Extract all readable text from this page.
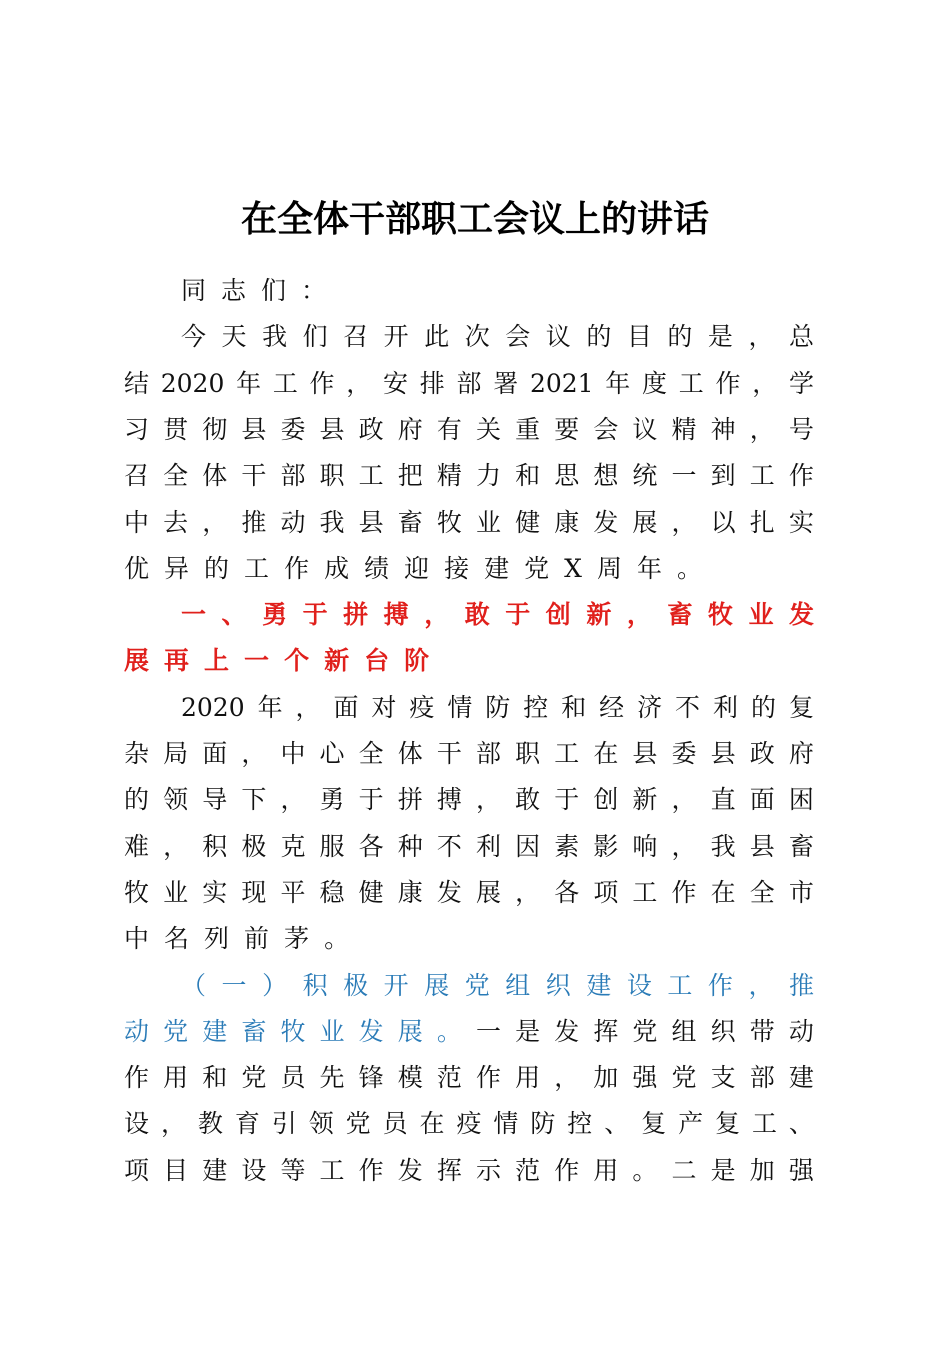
在全体干部职工会议上的讲话
同 志 们 ：
今 天 我 们 召 开 此 次 会 议 的 目 的 是 ， 总
结 2020 年 工 作 ， 安 排 部 署 2021 年 度 工 作 ， 学
习 贯 彻 县 委 县 政 府 有 关 重 要 会 议 精 神 ， 号
召 全 体 干 部 职 工 把 精 力 和 思 想 统 一 到 工 作
中 去 ， 推 动 我 县 畜 牧 业 健 康 发 展 ， 以 扎 实
优 异 的 工 作 成 绩 迎 接 建 党 X 周 年 。
一 、 勇 于 拼 搏 ， 敢 于 创 新 ， 畜 牧 业 发
展 再 上 一 个 新 台 阶
2020 年 ， 面 对 疫 情 防 控 和 经 济 不 利 的 复
杂 局 面 ， 中 心 全 体 干 部 职 工 在 县 委 县 政 府
的 领 导 下 ， 勇 于 拼 搏 ， 敢 于 创 新 ， 直 面 困
难 ， 积 极 克 服 各 种 不 利 因 素 影 响 ， 我 县 畜
牧 业 实 现 平 稳 健 康 发 展 ， 各 项 工 作 在 全 市
中 名 列 前 茅 。
（ 一 ） 积 极 开 展 党 组 织 建 设 工 作 ， 推
动 党 建 畜 牧 业 发 展 。 一 是 发 挥 党 组 织 带 动
作 用 和 党 员 先 锋 模 范 作 用 ， 加 强 党 支 部 建
设 ， 教 育 引 领 党 员 在 疫 情 防 控 、 复 产 复 工 、
项 目 建 设 等 工 作 发 挥 示 范 作 用 。 二 是 加 强
